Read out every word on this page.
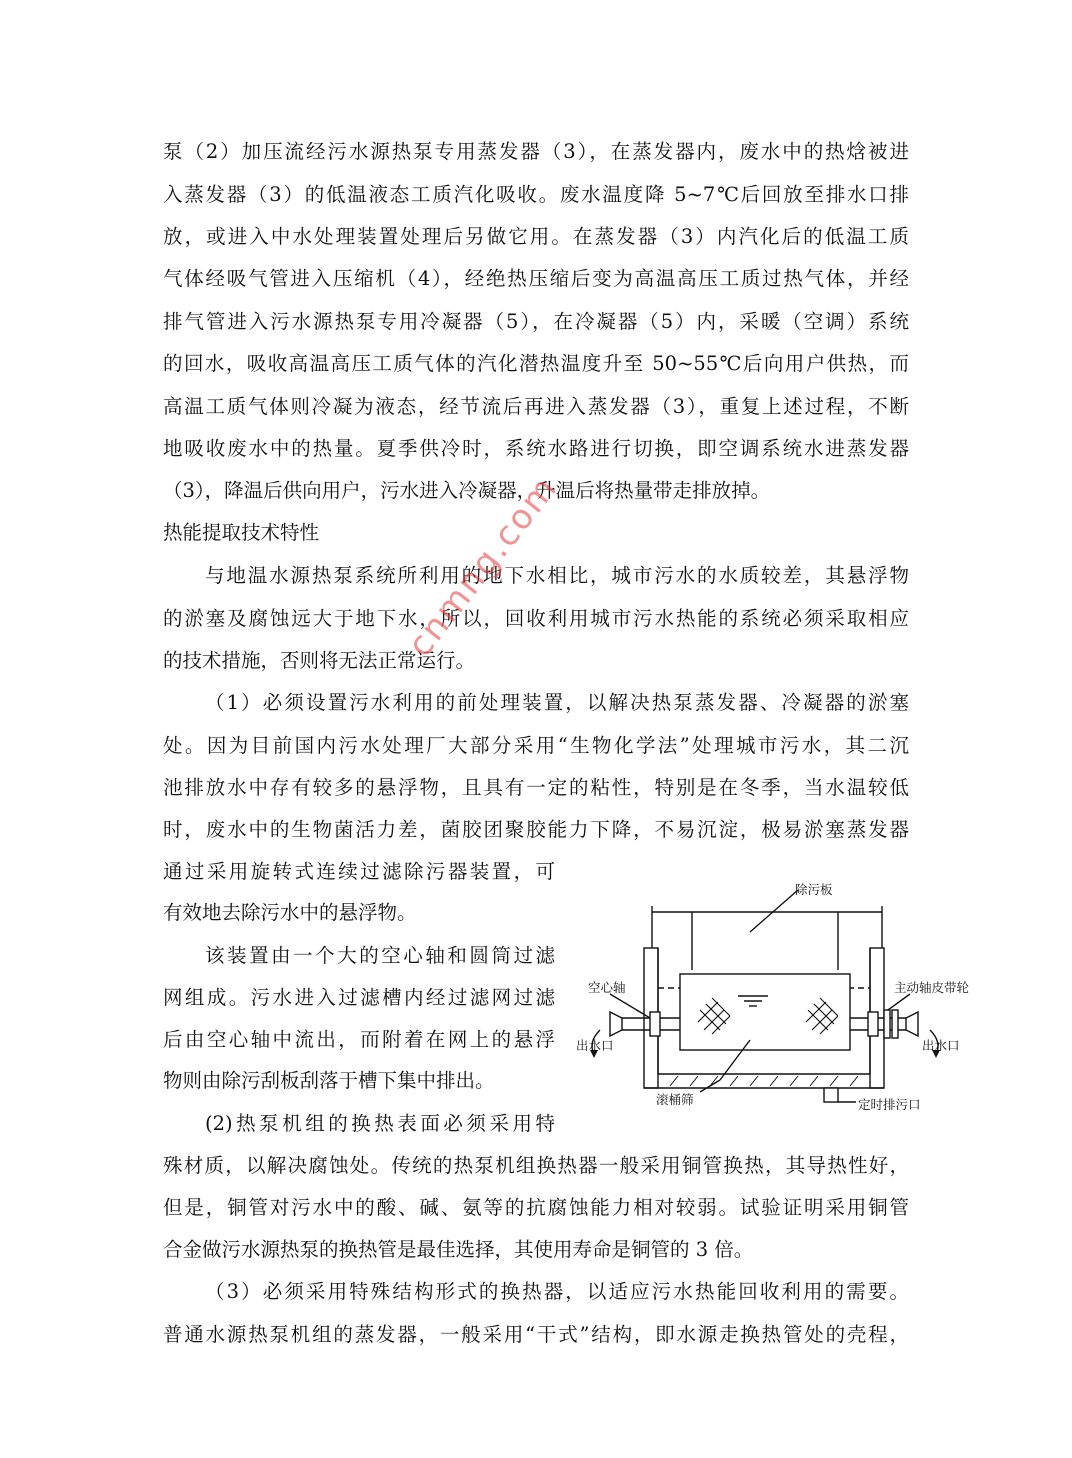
泵（2）加压流经污水源热泵专用蒸发器（3），在蒸发器内，废水中的热焓被进
入蒸发器（3）的低温液态工质汽化吸收。废水温度降 5~7℃后回放至排水口排
放，或进入中水处理装置处理后另做它用。在蒸发器（3）内汽化后的低温工质
气体经吸气管进入压缩机（4），经绝热压缩后变为高温高压工质过热气体，并经
排气管进入污水源热泵专用冷凝器（5），在冷凝器（5）内，采暖（空调）系统
的回水，吸收高温高压工质气体的汽化潜热温度升至 50~55℃后向用户供热，而
高温工质气体则冷凝为液态，经节流后再进入蒸发器（3），重复上述过程，不断
地吸收废水中的热量。夏季供冷时，系统水路进行切换，即空调系统水进蒸发器
（3），降温后供向用户，污水进入冷凝器，升温后将热量带走排放掉。
热能提取技术特性
与地温水源热泵系统所利用的地下水相比，城市污水的水质较差，其悬浮物
的淤塞及腐蚀远大于地下水，所以，回收利用城市污水热能的系统必须采取相应
的技术措施，否则将无法正常运行。
（1）必须设置污水利用的前处理装置，以解决热泵蒸发器、冷凝器的淤塞
处。因为目前国内污水处理厂大部分采用“生物化学法”处理城市污水，其二沉
池排放水中存有较多的悬浮物，且具有一定的粘性，特别是在冬季，当水温较低
时，废水中的生物菌活力差，菌胶团聚胶能力下降，不易沉淀，极易淤塞蒸发器
通过采用旋转式连续过滤除污器装置，可
有效地去除污水中的悬浮物。
该装置由一个大的空心轴和圆筒过滤
网组成。污水进入过滤槽内经过滤网过滤
后由空心轴中流出，而附着在网上的悬浮
物则由除污刮板刮落于槽下集中排出。
(2)热泵机组的换热表面必须采用特
殊材质，以解决腐蚀处。传统的热泵机组换热器一般采用铜管换热，其导热性好，
但是，铜管对污水中的酸、碱、氨等的抗腐蚀能力相对较弱。试验证明采用铜管
合金做污水源热泵的换热管是最佳选择，其使用寿命是铜管的 3 倍。
（3）必须采用特殊结构形式的换热器，以适应污水热能回收利用的需要。
普通水源热泵机组的蒸发器，一般采用“干式”结构，即水源走换热管处的壳程，
除污板
空心轴	主动轴皮带轮
出水口	出水口
滚桶筛	定时排污口
cnmng.com
